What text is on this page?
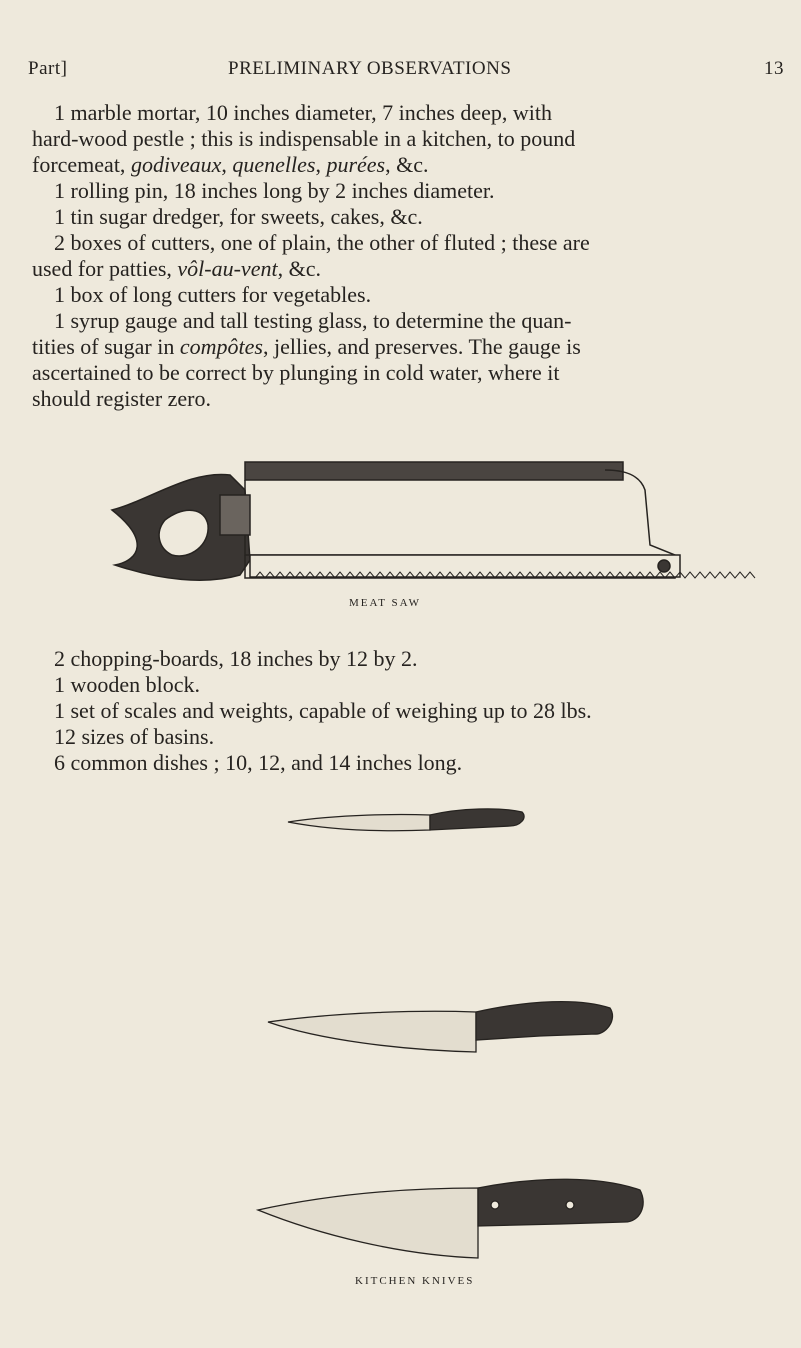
Part]	PRELIMINARY OBSERVATIONS	13
1 marble mortar, 10 inches diameter, 7 inches deep, with
hard-wood pestle ; this is indispensable in a kitchen, to pound
forcemeat, godiveaux, quenelles, purées, &c.
1 rolling pin, 18 inches long by 2 inches diameter.
1 tin sugar dredger, for sweets, cakes, &c.
2 boxes of cutters, one of plain, the other of fluted ; these are
used for patties, vôl-au-vent, &c.
1 box of long cutters for vegetables.
1 syrup gauge and tall testing glass, to determine the quan-
tities of sugar in compôtes, jellies, and preserves. The gauge is
ascertained to be correct by plunging in cold water, where it
should register zero.
MEAT SAW
2 chopping-boards, 18 inches by 12 by 2.
1 wooden block.
1 set of scales and weights, capable of weighing up to 28 lbs.
12 sizes of basins.
6 common dishes ; 10, 12, and 14 inches long.
KITCHEN KNIVES
